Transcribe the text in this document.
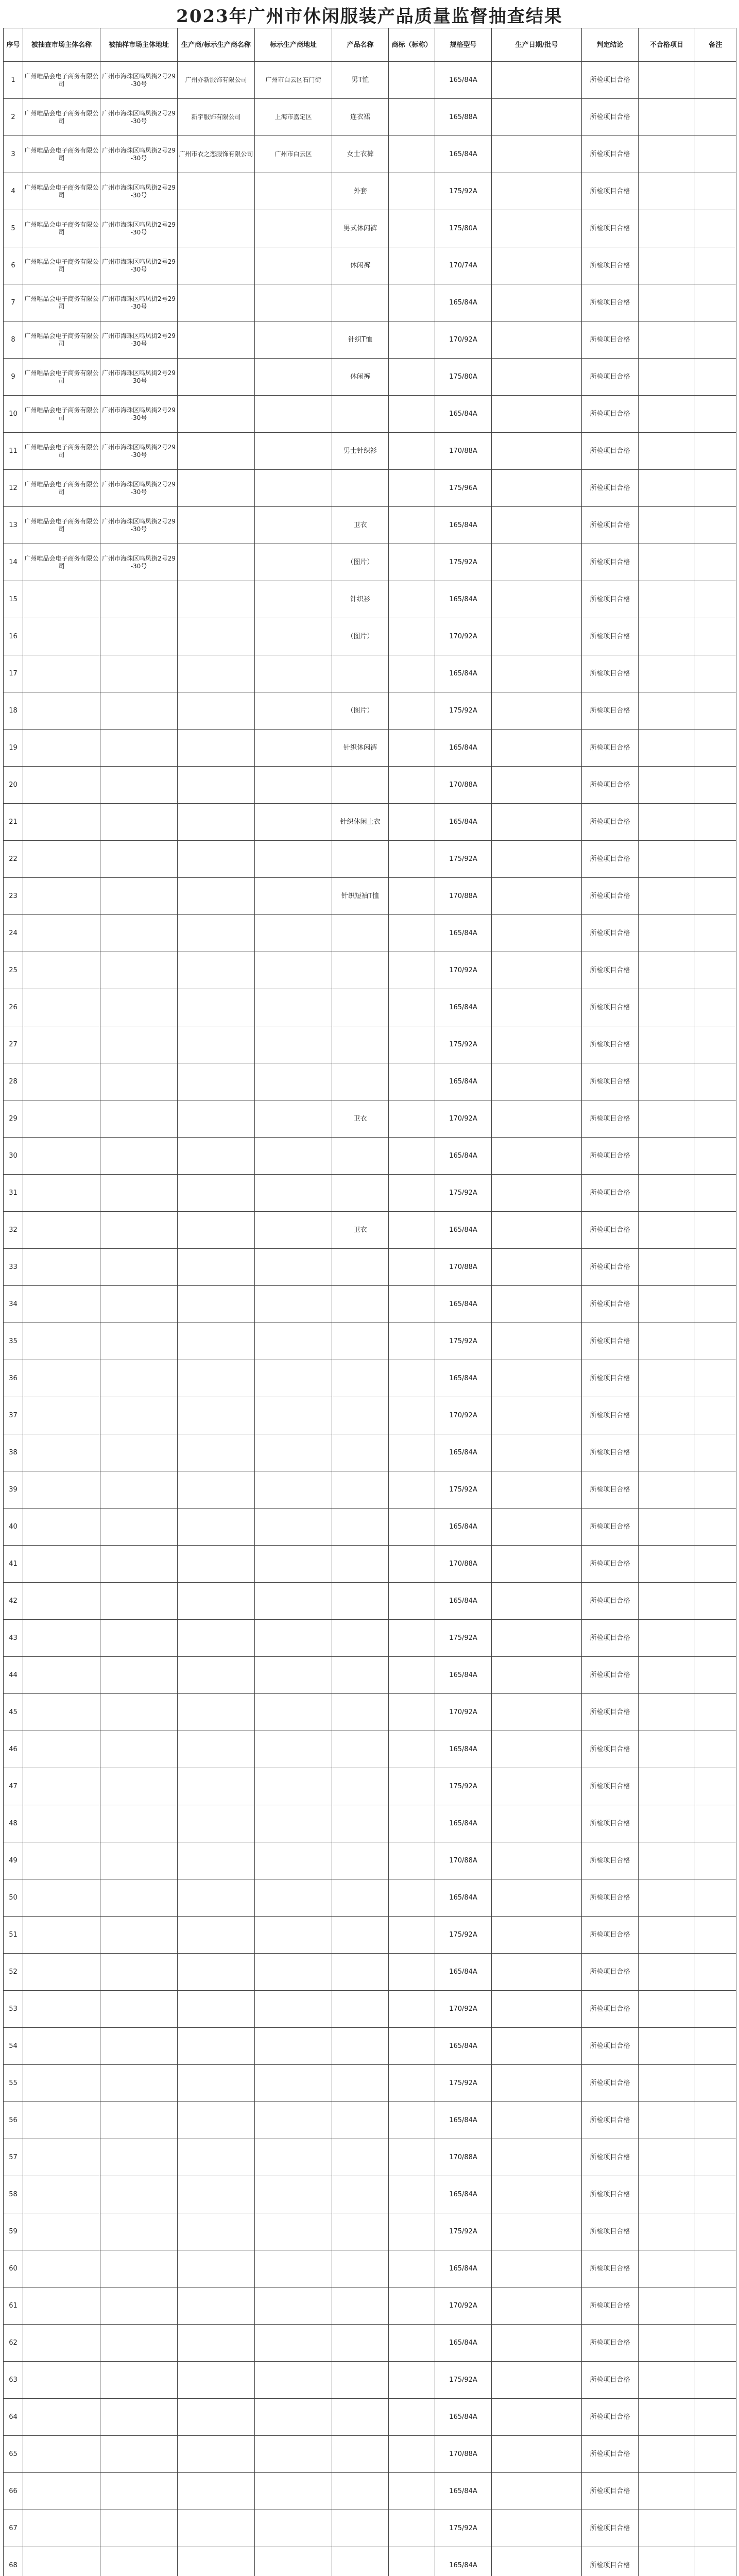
2023年广州市休闲服装产品质量监督抽查结果
序号	被抽查市场主体名称	被抽样市场主体地址	生产商/标示生产商名称	标示生产商地址	产品名称	商标（标称）	规格型号	生产日期/批号	判定结论	不合格项目	备注
1	广州唯品会电子商务有限公司	广州市海珠区鸣凤街2号29-30号	广州亦新服饰有限公司	广州市白云区石门街	男T恤		165/84A		所检项目合格		
2	广州唯品会电子商务有限公司	广州市海珠区鸣凤街2号29-30号	新宇服饰有限公司	上海市嘉定区	连衣裙		165/88A		所检项目合格		
3	广州唯品会电子商务有限公司	广州市海珠区鸣凤街2号29-30号	广州市衣之恋服饰有限公司	广州市白云区	女士衣裤		165/84A		所检项目合格		
4	广州唯品会电子商务有限公司	广州市海珠区鸣凤街2号29-30号			外套		175/92A		所检项目合格		
5	广州唯品会电子商务有限公司	广州市海珠区鸣凤街2号29-30号			男式休闲裤		175/80A		所检项目合格		
6	广州唯品会电子商务有限公司	广州市海珠区鸣凤街2号29-30号			休闲裤		170/74A		所检项目合格		
7	广州唯品会电子商务有限公司	广州市海珠区鸣凤街2号29-30号					165/84A		所检项目合格		
8	广州唯品会电子商务有限公司	广州市海珠区鸣凤街2号29-30号			针织T恤		170/92A		所检项目合格		
9	广州唯品会电子商务有限公司	广州市海珠区鸣凤街2号29-30号			休闲裤		175/80A		所检项目合格		
10	广州唯品会电子商务有限公司	广州市海珠区鸣凤街2号29-30号					165/84A		所检项目合格		
11	广州唯品会电子商务有限公司	广州市海珠区鸣凤街2号29-30号			男士针织衫		170/88A		所检项目合格		
12	广州唯品会电子商务有限公司	广州市海珠区鸣凤街2号29-30号					175/96A		所检项目合格		
13	广州唯品会电子商务有限公司	广州市海珠区鸣凤街2号29-30号			卫衣		165/84A		所检项目合格		
14	广州唯品会电子商务有限公司	广州市海珠区鸣凤街2号29-30号			（图片）		175/92A		所检项目合格		
15					针织衫		165/84A		所检项目合格		
16					（图片）		170/92A		所检项目合格		
17							165/84A		所检项目合格		
18					（图片）		175/92A		所检项目合格		
19					针织休闲裤		165/84A		所检项目合格		
20							170/88A		所检项目合格		
21					针织休闲上衣		165/84A		所检项目合格		
22							175/92A		所检项目合格		
23					针织短袖T恤		170/88A		所检项目合格		
24							165/84A		所检项目合格		
25							170/92A		所检项目合格		
26							165/84A		所检项目合格		
27							175/92A		所检项目合格		
28							165/84A		所检项目合格		
29					卫衣		170/92A		所检项目合格		
30							165/84A		所检项目合格		
31							175/92A		所检项目合格		
32					卫衣		165/84A		所检项目合格		
33							170/88A		所检项目合格		
34							165/84A		所检项目合格		
35							175/92A		所检项目合格		
36							165/84A		所检项目合格		
37							170/92A		所检项目合格		
38							165/84A		所检项目合格		
39							175/92A		所检项目合格		
40							165/84A		所检项目合格		
41							170/88A		所检项目合格		
42							165/84A		所检项目合格		
43							175/92A		所检项目合格		
44							165/84A		所检项目合格		
45							170/92A		所检项目合格		
46							165/84A		所检项目合格		
47							175/92A		所检项目合格		
48							165/84A		所检项目合格		
49							170/88A		所检项目合格		
50							165/84A		所检项目合格		
51							175/92A		所检项目合格		
52							165/84A		所检项目合格		
53							170/92A		所检项目合格		
54							165/84A		所检项目合格		
55							175/92A		所检项目合格		
56							165/84A		所检项目合格		
57							170/88A		所检项目合格		
58							165/84A		所检项目合格		
59							175/92A		所检项目合格		
60							165/84A		所检项目合格		
61							170/92A		所检项目合格		
62							165/84A		所检项目合格		
63							175/92A		所检项目合格		
64							165/84A		所检项目合格		
65							170/88A		所检项目合格		
66							165/84A		所检项目合格		
67							175/92A		所检项目合格		
68							165/84A		所检项目合格		
